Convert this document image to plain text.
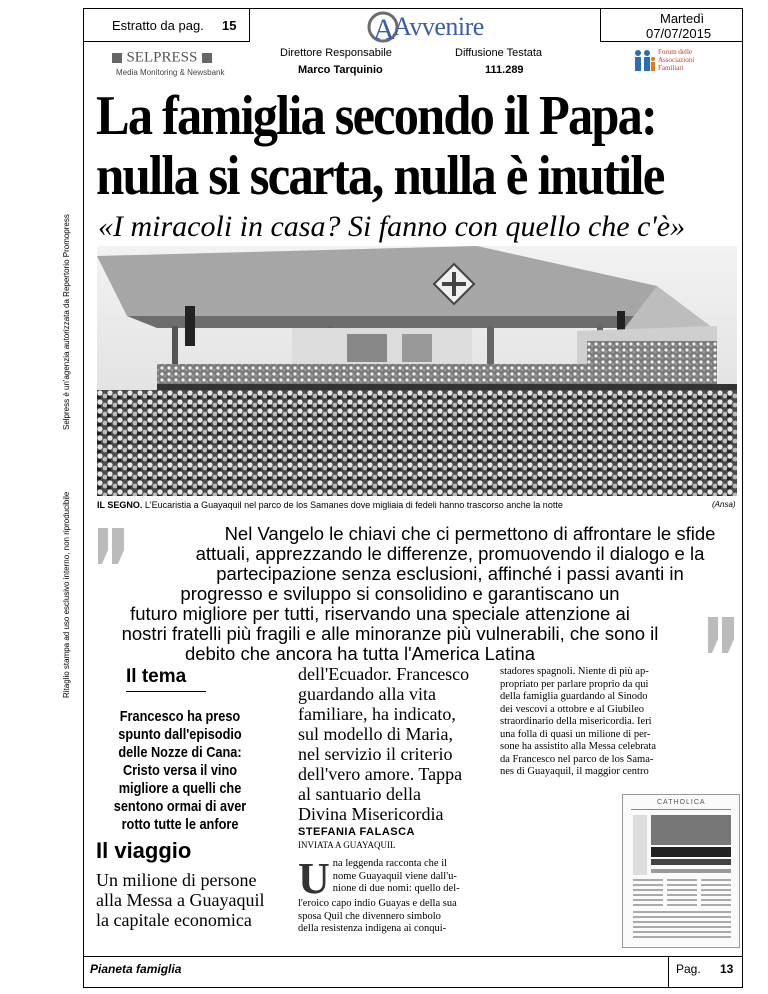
Ritaglio stampa ad uso esclusivo interno, non riproducibile
Selpress è un'agenzia autorizzata da Repertorio Promopress
Estratto da pag. 15	Martedì
07/07/2015
A
Avvenire
SELPRESS
Media Monitoring & Newsbank
Direttore Responsabile
Marco Tarquinio
Diffusione Testata
111.289
Forum delle Associazioni Familiari
La famiglia secondo il Papa:
nulla si scarta, nulla è inutile
«I miracoli in casa? Si fanno con quello che c'è»
IL SEGNO. L'Eucaristia a Guayaquil nel parco de los Samanes dove migliaia di fedeli hanno trascorso anche la notte	(Ansa)
Nel Vangelo le chiavi che ci permettono di affrontare le sfide
attuali, apprezzando le differenze, promuovendo il dialogo e la
partecipazione senza esclusioni, affinché i passi avanti in
progresso e sviluppo si consolidino e garantiscano un
futuro migliore per tutti, riservando una speciale attenzione ai
nostri fratelli più fragili e alle minoranze più vulnerabili, che sono il
debito che ancora ha tutta l'America Latina
Il tema
Francesco ha preso
spunto dall'episodio
delle Nozze di Cana:
Cristo versa il vino
migliore a quelli che
sentono ormai di aver
rotto tutte le anfore
Il viaggio
Un milione di persone
alla Messa a Guayaquil
la capitale economica
dell'Ecuador. Francesco
guardando alla vita
familiare, ha indicato,
sul modello di Maria,
nel servizio il criterio
dell'vero amore. Tappa
al santuario della
Divina Misericordia
STEFANIA FALASCA
INVIATA A GUAYAQUIL
U na leggenda racconta che il
nome Guayaquil viene dall'u-
nione di due nomi: quello del-
l'eroico capo indio Guayas e della sua
sposa Quil che divennero simbolo
della resistenza indigena ai conqui-
stadores spagnoli. Niente di più ap-
propriato per parlare proprio da qui
della famiglia guardando al Sinodo
dei vescovi a ottobre e al Giubileo
straordinario della misericordia. Ieri
una folla di quasi un milione di per-
sone ha assistito alla Messa celebrata
da Francesco nel parco de los Sama-
nes di Guayaquil, il maggior centro
CATHOLICA
Pianeta famiglia	Pag. 13
